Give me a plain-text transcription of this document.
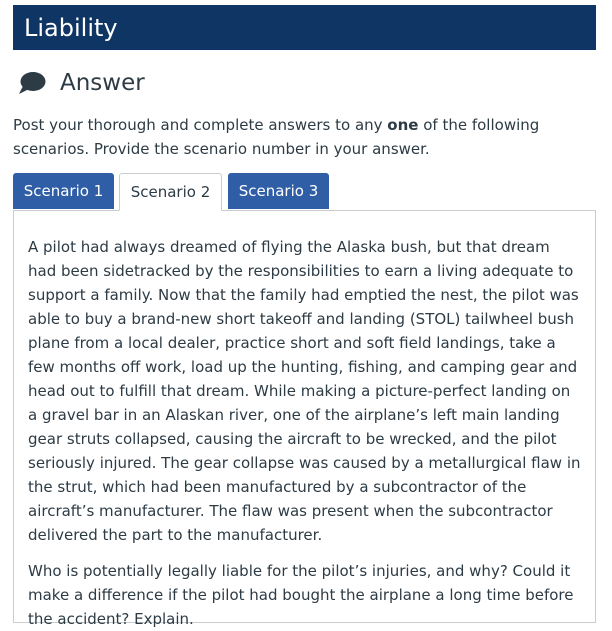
Liability
Answer
Post your thorough and complete answers to any one of the following scenarios. Provide the scenario number in your answer.
Scenario 1	Scenario 2	Scenario 3

A pilot had always dreamed of flying the Alaska bush, but that dream had been sidetracked by the responsibilities to earn a living adequate to support a family. Now that the family had emptied the nest, the pilot was able to buy a brand-new short takeoff and landing (STOL) tailwheel bush plane from a local dealer, practice short and soft field landings, take a few months off work, load up the hunting, fishing, and camping gear and head out to fulfill that dream. While making a picture-perfect landing on a gravel bar in an Alaskan river, one of the airplane’s left main landing gear struts collapsed, causing the aircraft to be wrecked, and the pilot seriously injured. The gear collapse was caused by a metallurgical flaw in the strut, which had been manufactured by a subcontractor of the aircraft’s manufacturer. The flaw was present when the subcontractor delivered the part to the manufacturer.

Who is potentially legally liable for the pilot’s injuries, and why? Could it make a difference if the pilot had bought the airplane a long time before the accident? Explain.
